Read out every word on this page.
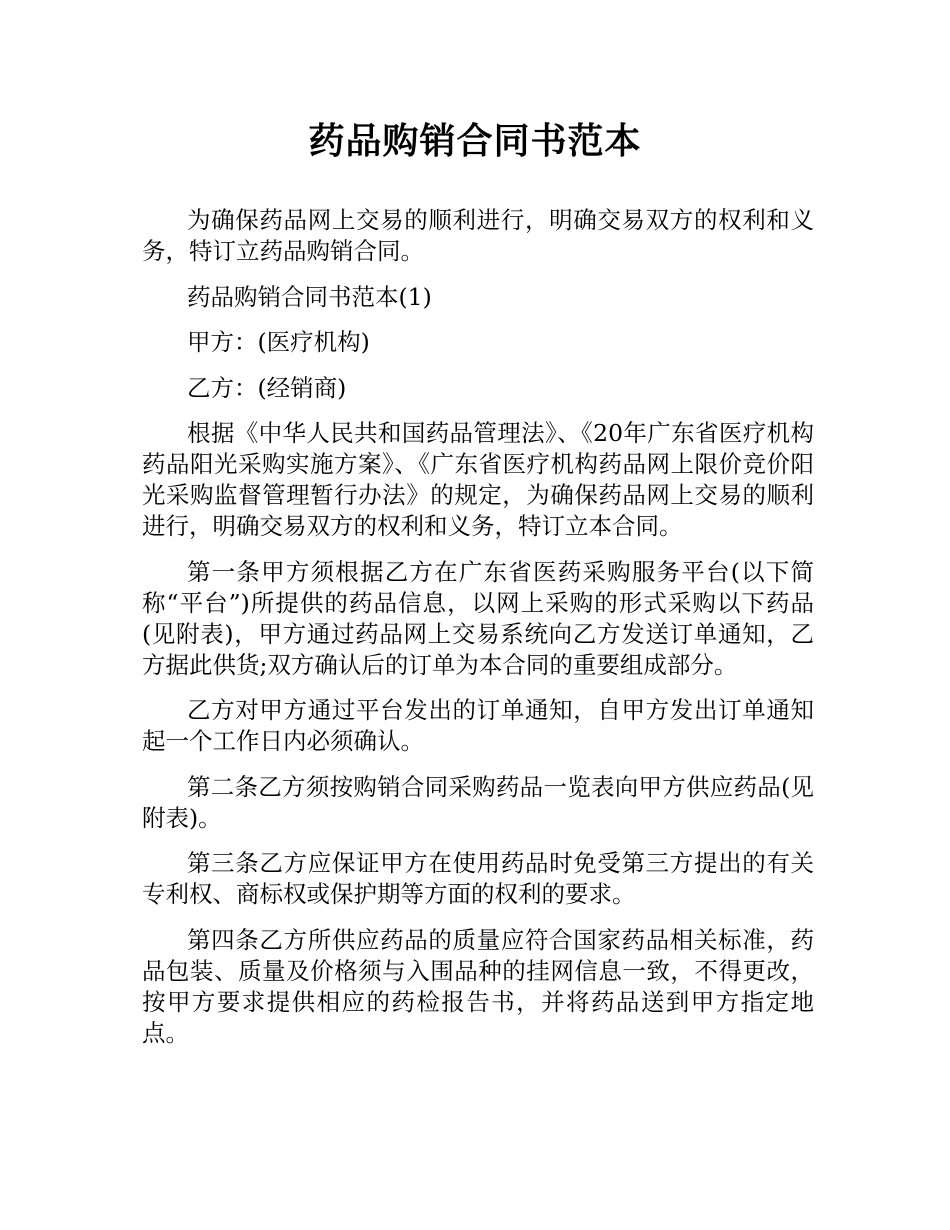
药品购销合同书范本

为确保药品网上交易的顺利进行，明确交易双方的权利和义务，特订立药品购销合同。

药品购销合同书范本(1)

甲方：(医疗机构)

乙方：(经销商)

根据《中华人民共和国药品管理法》、《20年广东省医疗机构药品阳光采购实施方案》、《广东省医疗机构药品网上限价竞价阳光采购监督管理暂行办法》的规定，为确保药品网上交易的顺利进行，明确交易双方的权利和义务，特订立本合同。

第一条甲方须根据乙方在广东省医药采购服务平台(以下简称“平台”)所提供的药品信息，以网上采购的形式采购以下药品(见附表)，甲方通过药品网上交易系统向乙方发送订单通知，乙方据此供货;双方确认后的订单为本合同的重要组成部分。

乙方对甲方通过平台发出的订单通知，自甲方发出订单通知起一个工作日内必须确认。

第二条乙方须按购销合同采购药品一览表向甲方供应药品(见附表)。

第三条乙方应保证甲方在使用药品时免受第三方提出的有关专利权、商标权或保护期等方面的权利的要求。

第四条乙方所供应药品的质量应符合国家药品相关标准，药品包装、质量及价格须与入围品种的挂网信息一致，不得更改，按甲方要求提供相应的药检报告书，并将药品送到甲方指定地点。
